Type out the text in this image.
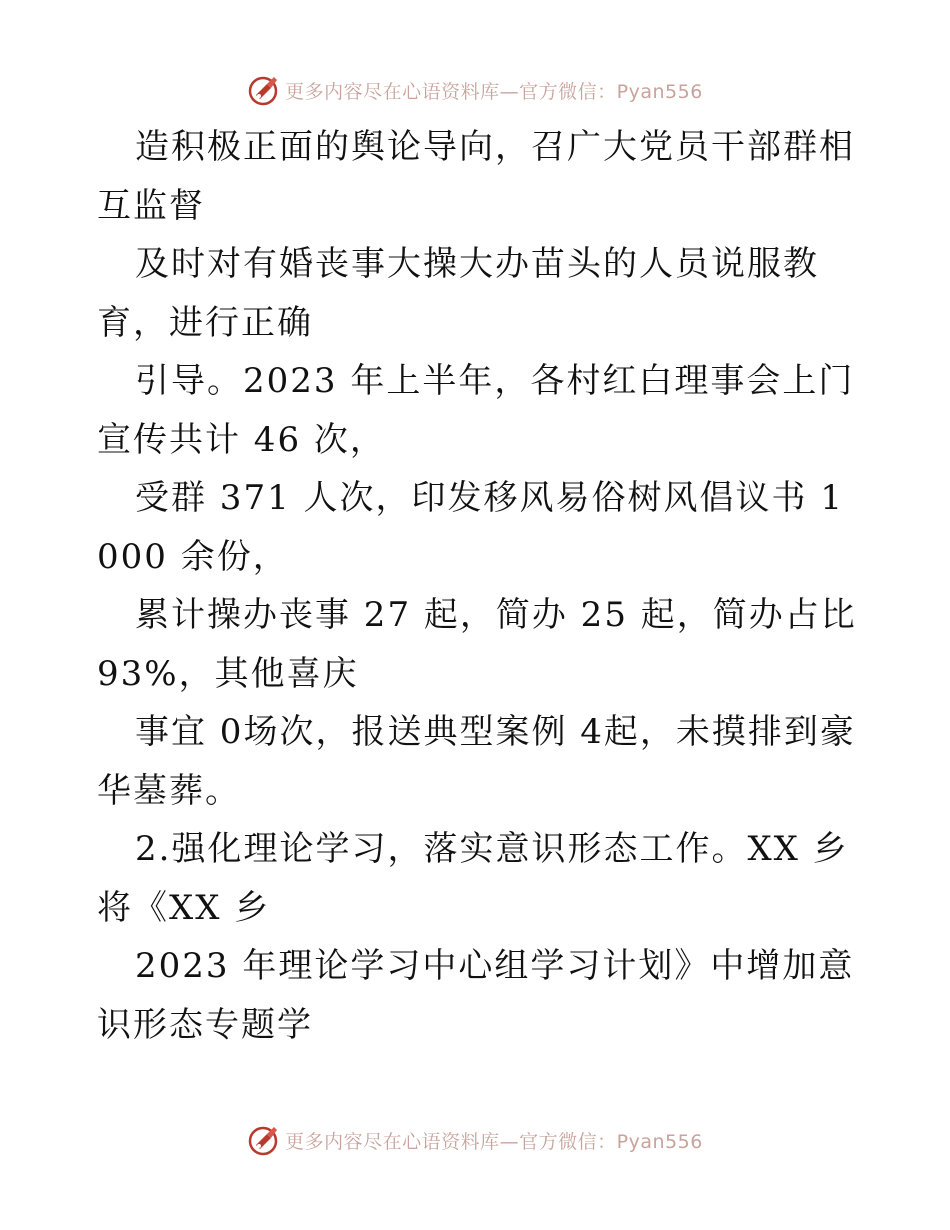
更多内容尽在心语资料库—官方微信：Pyan556

造积极正面的舆论导向，召广大党员干部群相互监督

及时对有婚丧事大操大办苗头的人员说服教育，进行正确

引导。2023 年上半年，各村红白理事会上门宣传共计 46 次，

受群 371 人次，印发移风易俗树风倡议书 1000 余份，

累计操办丧事 27 起，简办 25 起，简办占比 93%，其他喜庆

事宜 0场次，报送典型案例 4起，未摸排到豪华墓葬。

2.强化理论学习，落实意识形态工作。XX 乡将《XX 乡

2023 年理论学习中心组学习计划》中增加意识形态专题学

更多内容尽在心语资料库—官方微信：Pyan556
